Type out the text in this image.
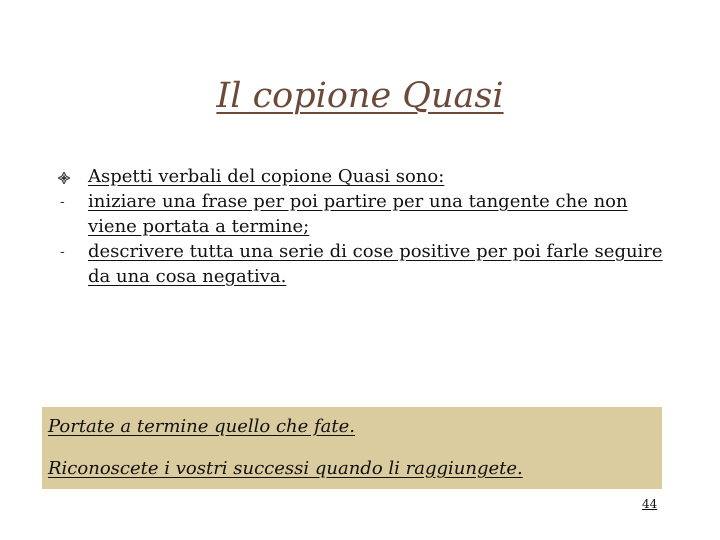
Il copione Quasi
Aspetti verbali del copione Quasi sono:
- iniziare una frase per poi partire per una tangente che non viene portata a termine;
- descrivere tutta una serie di cose positive per poi farle seguire da una cosa negativa.
Portate a termine quello che fate.
Riconoscete i vostri successi quando li raggiungete.
44
